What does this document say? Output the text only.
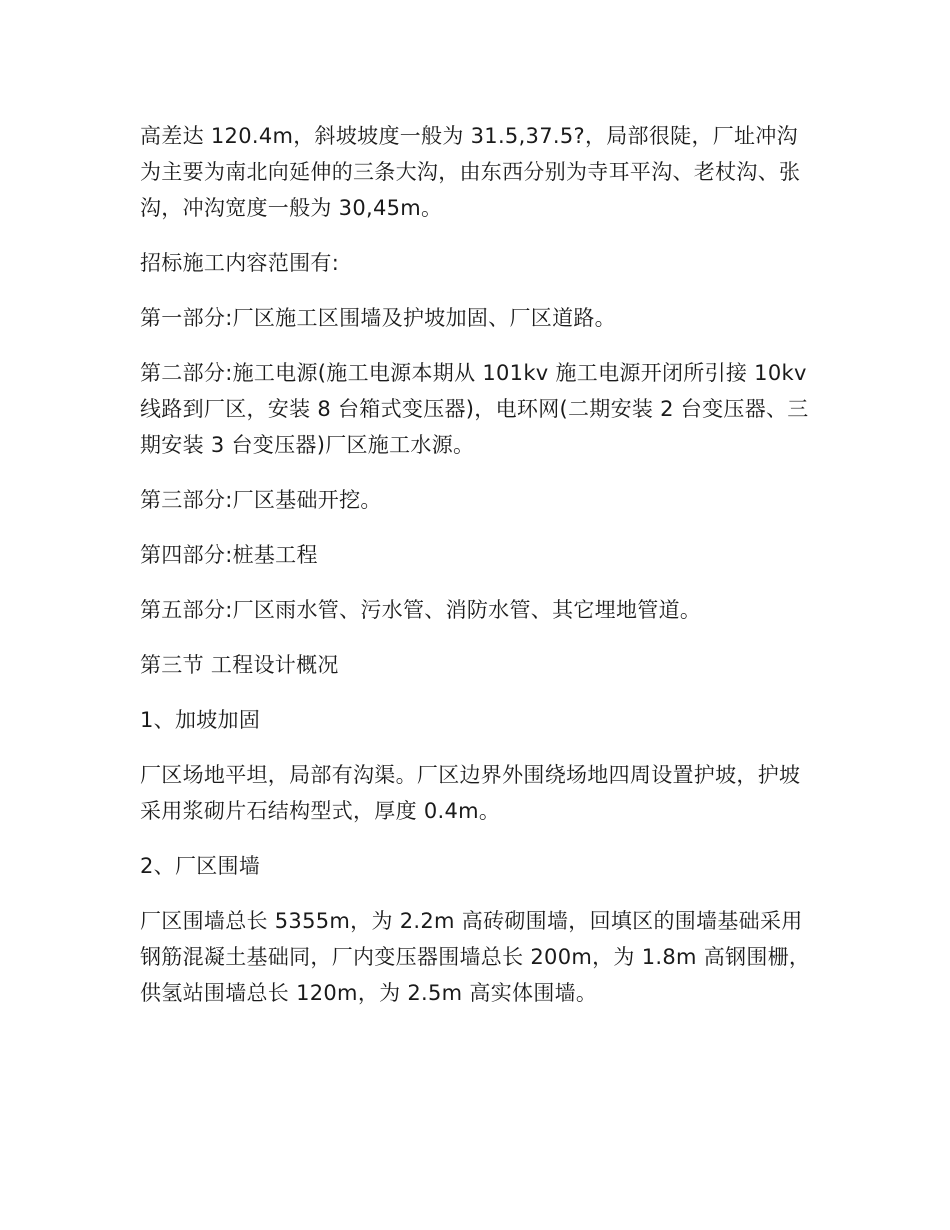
高差达 120.4m，斜坡坡度一般为 31.5,37.5?，局部很陡，厂址冲沟为主要为南北向延伸的三条大沟，由东西分别为寺耳平沟、老杖沟、张沟，冲沟宽度一般为 30,45m。

招标施工内容范围有:

第一部分:厂区施工区围墙及护坡加固、厂区道路。

第二部分:施工电源(施工电源本期从 101kv 施工电源开闭所引接 10kv 线路到厂区，安装 8 台箱式变压器)，电环网(二期安装 2 台变压器、三期安装 3 台变压器)厂区施工水源。

第三部分:厂区基础开挖。

第四部分:桩基工程

第五部分:厂区雨水管、污水管、消防水管、其它埋地管道。

第三节 工程设计概况

1、加坡加固

厂区场地平坦，局部有沟渠。厂区边界外围绕场地四周设置护坡，护坡采用浆砌片石结构型式，厚度 0.4m。

2、厂区围墙

厂区围墙总长 5355m，为 2.2m 高砖砌围墙，回填区的围墙基础采用钢筋混凝土基础同，厂内变压器围墙总长 200m，为 1.8m 高钢围栅，供氢站围墙总长 120m，为 2.5m 高实体围墙。
